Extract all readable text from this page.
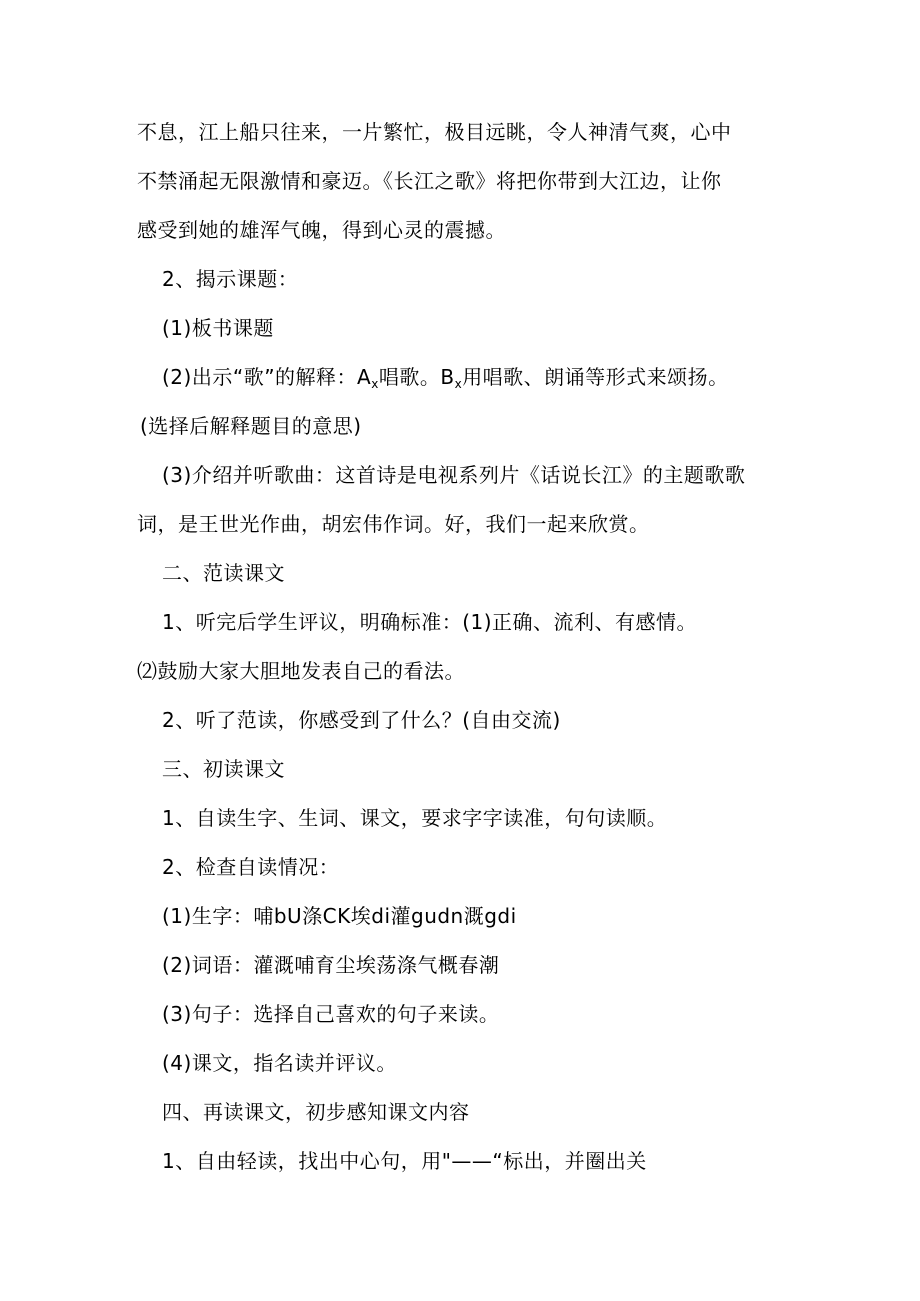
不息，江上船只往来，一片繁忙，极目远眺，令人神清气爽，心中
不禁涌起无限激情和豪迈。《长江之歌》将把你带到大江边，让你
感受到她的雄浑气魄，得到心灵的震撼。
2、揭示课题：
(1)板书课题
(2)出示“歌”的解释：$A_x$唱歌。$B_x$用唱歌、朗诵等形式来颂扬。
(选择后解释题目的意思)
(3)介绍并听歌曲：这首诗是电视系列片《话说长江》的主题歌歌
词，是王世光作曲，胡宏伟作词。好，我们一起来欣赏。
二、范读课文
1、听完后学生评议，明确标准：(1)正确、流利、有感情。
⑵鼓励大家大胆地发表自己的看法。
2、听了范读，你感受到了什么？(自由交流)
三、初读课文
1、自读生字、生词、课文，要求字字读准，句句读顺。
2、检查自读情况：
(1)生字：哺bU涤CK埃di灌gudn溉gdi
(2)词语：灌溉哺育尘埃荡涤气概春潮
(3)句子：选择自己喜欢的句子来读。
(4)课文，指名读并评议。
四、再读课文，初步感知课文内容
1、自由轻读，找出中心句，用"——“标出，并圈出关
